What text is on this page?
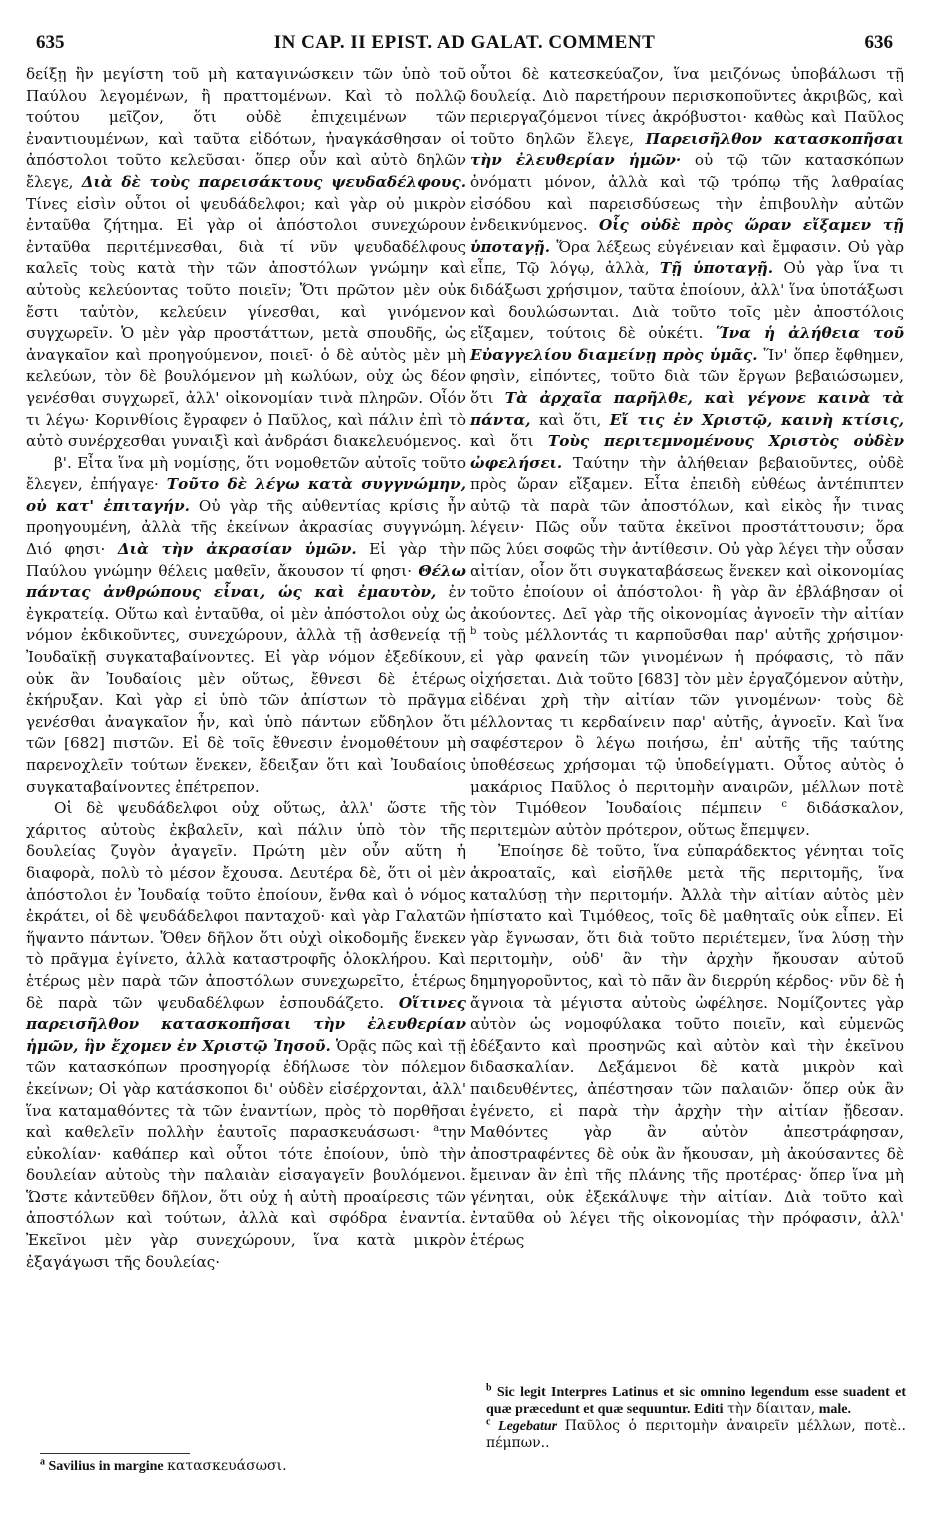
635	IN CAP. II EPIST. AD GALAT. COMMENT	636

δείξῃ ἣν μεγίστη τοῦ μὴ καταγινώσκειν τῶν ὑπὸ τοῦ Παύλου λεγομένων, ἢ πραττομένων. Καὶ τὸ πολλῷ τούτου μεῖζον, ὅτι οὐδὲ ἐπιχειμένων τῶν ἐναντιουμένων, καὶ ταῦτα εἰδότων, ἠναγκάσθησαν οἱ ἀπόστολοι τοῦτο κελεῦσαι· ὅπερ οὖν καὶ αὐτὸ δηλῶν ἔλεγε, Διὰ δὲ τοὺς παρεισάκτους ψευδαδέλφους. Τίνες εἰσὶν οὗτοι οἱ ψευδάδελφοι; καὶ γὰρ οὐ μικρὸν ἐνταῦθα ζήτημα. Εἰ γὰρ οἱ ἀπόστολοι συνεχώρουν ἐνταῦθα περιτέμνεσθαι, διὰ τί νῦν ψευδαδέλφους καλεῖς τοὺς κατὰ τὴν τῶν ἀποστόλων γνώμην καὶ αὐτοὺς κελεύοντας τοῦτο ποιεῖν; Ὅτι πρῶτον μὲν οὐκ ἔστι ταὐτὸν, κελεύειν γίνεσθαι, καὶ γινόμενον συγχωρεῖν. Ὁ μὲν γὰρ προστάττων, μετὰ σπουδῆς, ὡς ἀναγκαῖον καὶ προηγούμενον, ποιεῖ· ὁ δὲ αὐτὸς μὲν μὴ κελεύων, τὸν δὲ βουλόμενον μὴ κωλύων, οὐχ ὡς δέον γενέσθαι συγχωρεῖ, ἀλλ' οἰκονομίαν τινὰ πληρῶν. Οἷόν τι λέγω· Κορινθίοις ἔγραφεν ὁ Παῦλος, καὶ πάλιν ἐπὶ τὸ αὐτὸ συνέρχεσθαι γυναιξὶ καὶ ἀνδράσι διακελευόμενος.

β'. Εἶτα ἵνα μὴ νομίσῃς, ὅτι νομοθετῶν αὐτοῖς τοῦτο ἔλεγεν, ἐπήγαγε· Τοῦτο δὲ λέγω κατὰ συγγνώμην, οὐ κατ' ἐπιταγήν. Οὐ γὰρ τῆς αὐθεντίας κρίσις ἦν προηγουμένη, ἀλλὰ τῆς ἐκείνων ἀκρασίας συγγνώμη. Διό φησι· Διὰ τὴν ἀκρασίαν ὑμῶν. Εἰ γὰρ τὴν Παύλου γνώμην θέλεις μαθεῖν, ἄκουσον τί φησι· Θέλω πάντας ἀνθρώπους εἶναι, ὡς καὶ ἐμαυτὸν, ἐν ἐγκρατείᾳ. Οὕτω καὶ ἐνταῦθα, οἱ μὲν ἀπόστολοι οὐχ ὡς νόμον ἐκδικοῦντες, συνεχώρουν, ἀλλὰ τῇ ἀσθενείᾳ τῇ Ἰουδαϊκῇ συγκαταβαίνοντες. Εἰ γὰρ νόμον ἐξεδίκουν, οὐκ ἂν Ἰουδαίοις μὲν οὕτως, ἔθνεσι δὲ ἑτέρως ἐκήρυξαν. Καὶ γὰρ εἰ ὑπὸ τῶν ἀπίστων τὸ πρᾶγμα γενέσθαι ἀναγκαῖον ἦν, καὶ ὑπὸ πάντων εὔδηλον ὅτι τῶν [682] πιστῶν. Εἰ δὲ τοῖς ἔθνεσιν ἐνομοθέτουν μὴ παρενοχλεῖν τούτων ἕνεκεν, ἔδειξαν ὅτι καὶ Ἰουδαίοις συγκαταβαίνοντες ἐπέτρεπον.

Οἱ δὲ ψευδάδελφοι οὐχ οὕτως, ἀλλ' ὥστε τῆς χάριτος αὐτοὺς ἐκβαλεῖν, καὶ πάλιν ὑπὸ τὸν τῆς δουλείας ζυγὸν ἀγαγεῖν. Πρώτη μὲν οὖν αὕτη ἡ διαφορὰ, πολὺ τὸ μέσον ἔχουσα. Δευτέρα δὲ, ὅτι οἱ μὲν ἀπόστολοι ἐν Ἰουδαίᾳ τοῦτο ἐποίουν, ἔνθα καὶ ὁ νόμος ἐκράτει, οἱ δὲ ψευδάδελφοι πανταχοῦ· καὶ γὰρ Γαλατῶν ἥψαντο πάντων. Ὅθεν δῆλον ὅτι οὐχὶ οἰκοδομῆς ἕνεκεν τὸ πρᾶγμα ἐγίνετο, ἀλλὰ καταστροφῆς ὁλοκλήρου. Καὶ ἑτέρως μὲν παρὰ τῶν ἀποστόλων συνεχωρεῖτο, ἑτέρως δὲ παρὰ τῶν ψευδαδέλφων ἐσπουδάζετο. Οἵτινες παρεισῆλθον κατασκοπῆσαι τὴν ἐλευθερίαν ἡμῶν, ἣν ἔχομεν ἐν Χριστῷ Ἰησοῦ. Ὁρᾷς πῶς καὶ τῇ τῶν κατασκόπων προσηγορίᾳ ἐδήλωσε τὸν πόλεμον ἐκείνων; Οἱ γὰρ κατάσκοποι δι' οὐδὲν εἰσέρχονται, ἀλλ' ἵνα καταμαθόντες τὰ τῶν ἐναντίων, πρὸς τὸ πορθῆσαι καὶ καθελεῖν πολλὴν ἑαυτοῖς παρασκευάσωσι· $^a$την εὐκολίαν· καθάπερ καὶ οὗτοι τότε ἐποίουν, ὑπὸ τὴν δουλείαν αὐτοὺς τὴν παλαιὰν εἰσαγαγεῖν βουλόμενοι. Ὥστε κἀντεῦθεν δῆλον, ὅτι οὐχ ἡ αὐτὴ προαίρεσις τῶν ἀποστόλων καὶ τούτων, ἀλλὰ καὶ σφόδρα ἐναντία. Ἐκεῖνοι μὲν γὰρ συνεχώρουν, ἵνα κατὰ μικρὸν ἐξαγάγωσι τῆς δουλείας·

οὗτοι δὲ κατεσκεύαζον, ἵνα μειζόνως ὑποβάλωσι τῇ δουλείᾳ. Διὸ παρετήρουν περισκοποῦντες ἀκριβῶς, καὶ περιεργαζόμενοι τίνες ἀκρόβυστοι· καθὼς καὶ Παῦλος τοῦτο δηλῶν ἔλεγε, Παρεισῆλθον κατασκοπῆσαι τὴν ἐλευθερίαν ἡμῶν· οὐ τῷ τῶν κατασκόπων ὀνόματι μόνον, ἀλλὰ καὶ τῷ τρόπῳ τῆς λαθραίας εἰσόδου καὶ παρεισδύσεως τὴν ἐπιβουλὴν αὐτῶν ἐνδεικνύμενος. Οἷς οὐδὲ πρὸς ὥραν εἴξαμεν τῇ ὑποταγῇ. Ὅρα λέξεως εὐγένειαν καὶ ἔμφασιν. Οὐ γὰρ εἶπε, Τῷ λόγῳ, ἀλλὰ, Τῇ ὑποταγῇ. Οὐ γὰρ ἵνα τι διδάξωσι χρήσιμον, ταῦτα ἐποίουν, ἀλλ' ἵνα ὑποτάξωσι καὶ δουλώσωνται. Διὰ τοῦτο τοῖς μὲν ἀποστόλοις εἴξαμεν, τούτοις δὲ οὐκέτι. Ἵνα ἡ ἀλήθεια τοῦ Εὐαγγελίου διαμείνῃ πρὸς ὑμᾶς. Ἵν' ὅπερ ἔφθημεν, φησὶν, εἰπόντες, τοῦτο διὰ τῶν ἔργων βεβαιώσωμεν, ὅτι Τὰ ἀρχαῖα παρῆλθε, καὶ γέγονε καινὰ τὰ πάντα, καὶ ὅτι, Εἴ τις ἐν Χριστῷ, καινὴ κτίσις, καὶ ὅτι Τοὺς περιτεμνομένους Χριστὸς οὐδὲν ὠφελήσει. Ταύτην τὴν ἀλήθειαν βεβαιοῦντες, οὐδὲ πρὸς ὥραν εἴξαμεν. Εἶτα ἐπειδὴ εὐθέως ἀντέπιπτεν αὐτῷ τὰ παρὰ τῶν ἀποστόλων, καὶ εἰκὸς ἦν τινας λέγειν· Πῶς οὖν ταῦτα ἐκεῖνοι προστάττουσιν; ὅρα πῶς λύει σοφῶς τὴν ἀντίθεσιν. Οὐ γὰρ λέγει τὴν οὖσαν αἰτίαν, οἷον ὅτι συγκαταβάσεως ἕνεκεν καὶ οἰκονομίας τοῦτο ἐποίουν οἱ ἀπόστολοι· ἢ γὰρ ἂν ἐβλάβησαν οἱ ἀκούοντες. Δεῖ γὰρ τῆς οἰκονομίας ἀγνοεῖν τὴν αἰτίαν $^b$ τοὺς μέλλοντάς τι καρποῦσθαι παρ' αὐτῆς χρήσιμον· εἰ γὰρ φανείη τῶν γινομένων ἡ πρόφασις, τὸ πᾶν οἰχήσεται. Διὰ τοῦτο [683] τὸν μὲν ἐργαζόμενον αὐτὴν, εἰδέναι χρὴ τὴν αἰτίαν τῶν γινομένων· τοὺς δὲ μέλλοντας τι κερδαίνειν παρ' αὐτῆς, ἀγνοεῖν. Καὶ ἵνα σαφέστερον ὃ λέγω ποιήσω, ἐπ' αὐτῆς τῆς ταύτης ὑποθέσεως χρήσομαι τῷ ὑποδείγματι. Οὗτος αὐτὸς ὁ μακάριος Παῦλος ὁ περιτομὴν αναιρῶν, μέλλων ποτὲ τὸν Τιμόθεον Ἰουδαίοις πέμπειν $^c$ διδάσκαλον, περιτεμὼν αὐτὸν πρότερον, οὕτως ἔπεμψεν.

Ἐποίησε δὲ τοῦτο, ἵνα εὐπαράδεκτος γένηται τοῖς ἀκροαταῖς, καὶ εἰσῆλθε μετὰ τῆς περιτομῆς, ἵνα καταλύσῃ τὴν περιτομήν. Ἀλλὰ τὴν αἰτίαν αὐτὸς μὲν ἠπίστατο καὶ Τιμόθεος, τοῖς δὲ μαθηταῖς οὐκ εἶπεν. Εἰ γὰρ ἔγνωσαν, ὅτι διὰ τοῦτο περιέτεμεν, ἵνα λύσῃ τὴν περιτομὴν, οὐδ' ἂν τὴν ἀρχὴν ἤκουσαν αὐτοῦ δημηγοροῦντος, καὶ τὸ πᾶν ἂν διερρύη κέρδος· νῦν δὲ ἡ ἄγνοια τὰ μέγιστα αὐτοὺς ὠφέλησε. Νομίζοντες γὰρ αὐτὸν ὡς νομοφύλακα τοῦτο ποιεῖν, καὶ εὐμενῶς ἐδέξαντο καὶ προσηνῶς καὶ αὐτὸν καὶ τὴν ἐκεῖνου διδασκαλίαν. Δεξάμενοι δὲ κατὰ μικρὸν καὶ παιδευθέντες, ἀπέστησαν τῶν παλαιῶν· ὅπερ οὐκ ἂν ἐγένετο, εἰ παρὰ τὴν ἀρχὴν τὴν αἰτίαν ᾔδεσαν. Μαθόντες γὰρ ἂν αὐτὸν ἀπεστράφησαν, ἀποστραφέντες δὲ οὐκ ἂν ἤκουσαν, μὴ ἀκούσαντες δὲ ἔμειναν ἂν ἐπὶ τῆς πλάνης τῆς προτέρας· ὅπερ ἵνα μὴ γένηται, οὐκ ἐξεκάλυψε τὴν αἰτίαν. Διὰ τοῦτο καὶ ἐνταῦθα οὐ λέγει τῆς οἰκονομίας τὴν πρόφασιν, ἀλλ' ἑτέρως

$^b$ Sic legit Interpres Latinus et sic omnino legendum esse suadent et quæ præcedunt et quæ sequuntur. Editi τὴν δίαιταν, male.
$^c$ Legebatur Παῦλος ὁ περιτομὴν ἀναιρεῖν μέλλων, ποτὲ.. πέμπων..
$^a$ Savilius in margine κατασκευάσωσι.
